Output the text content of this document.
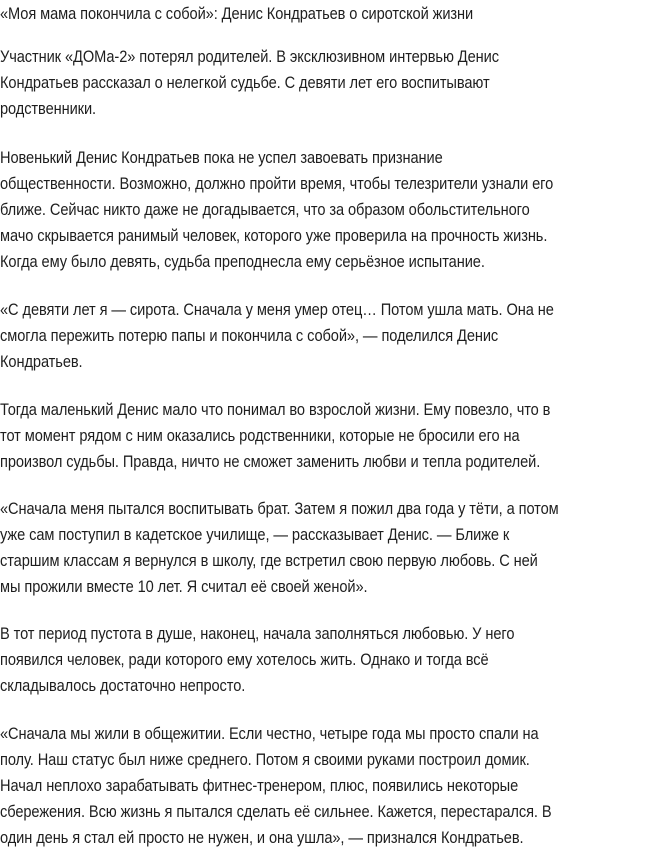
«Моя мама покончила с собой»: Денис Кондратьев о сиротской жизни
Участник «ДОМа-2» потерял родителей. В эксклюзивном интервью Денис
Кондратьев рассказал о нелегкой судьбе. С девяти лет его воспитывают
родственники.
Новенький Денис Кондратьев пока не успел завоевать признание
общественности. Возможно, должно пройти время, чтобы телезрители узнали его
ближе. Сейчас никто даже не догадывается, что за образом обольстительного
мачо скрывается ранимый человек, которого уже проверила на прочность жизнь.
Когда ему было девять, судьба преподнесла ему серьёзное испытание.
«С девяти лет я — сирота. Сначала у меня умер отец… Потом ушла мать. Она не
смогла пережить потерю папы и покончила с собой», — поделился Денис
Кондратьев.
Тогда маленький Денис мало что понимал во взрослой жизни. Ему повезло, что в
тот момент рядом с ним оказались родственники, которые не бросили его на
произвол судьбы. Правда, ничто не сможет заменить любви и тепла родителей.
«Сначала меня пытался воспитывать брат. Затем я пожил два года у тёти, а потом
уже сам поступил в кадетское училище, — рассказывает Денис. — Ближе к
старшим классам я вернулся в школу, где встретил свою первую любовь. С ней
мы прожили вместе 10 лет. Я считал её своей женой».
В тот период пустота в душе, наконец, начала заполняться любовью. У него
появился человек, ради которого ему хотелось жить. Однако и тогда всё
складывалось достаточно непросто.
«Сначала мы жили в общежитии. Если честно, четыре года мы просто спали на
полу. Наш статус был ниже среднего. Потом я своими руками построил домик.
Начал неплохо зарабатывать фитнес-тренером, плюс, появились некоторые
сбережения. Всю жизнь я пытался сделать её сильнее. Кажется, перестарался. В
один день я стал ей просто не нужен, и она ушла», — признался Кондратьев.
